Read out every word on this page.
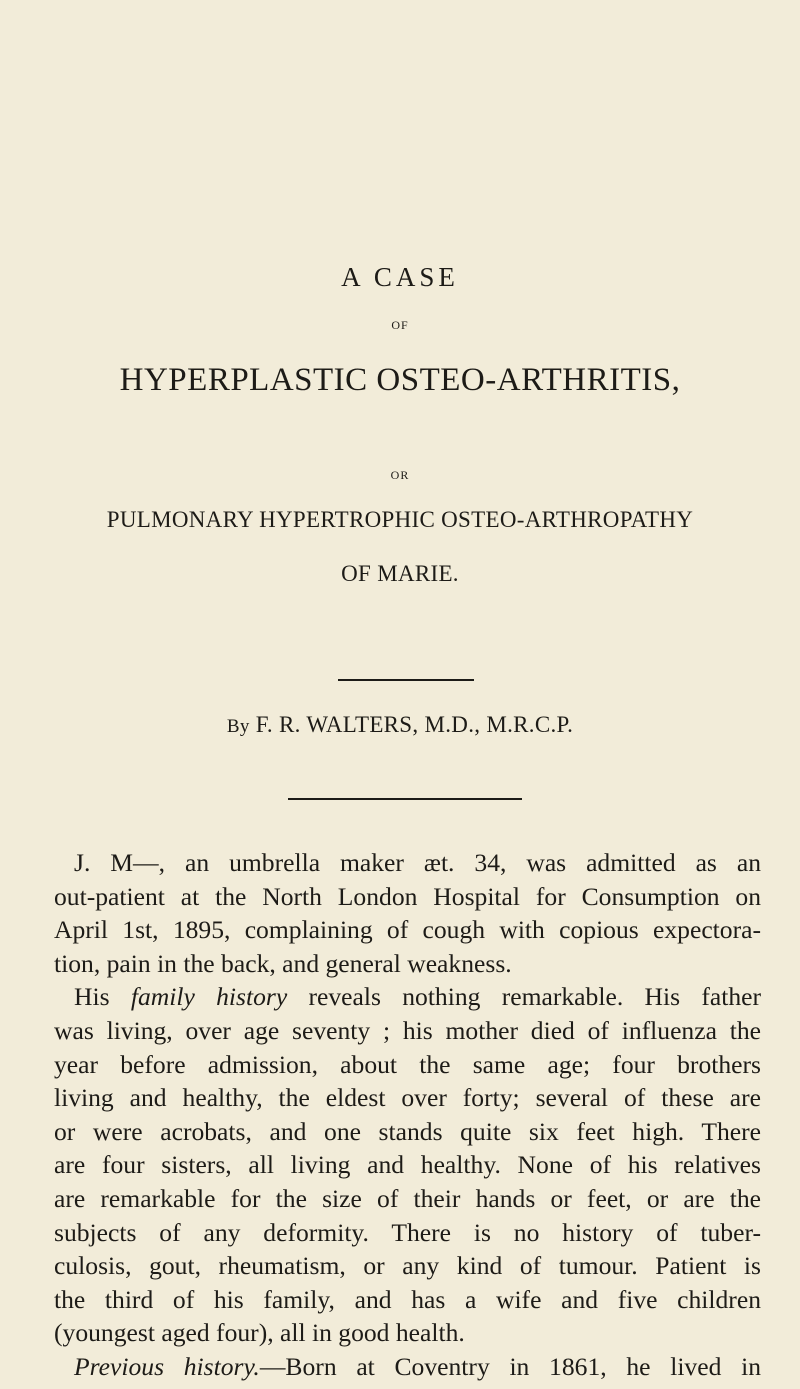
A CASE
OF
HYPERPLASTIC OSTEO-ARTHRITIS,
OR
PULMONARY HYPERTROPHIC OSTEO-ARTHROPATHY
OF MARIE.
By F. R. WALTERS, M.D., M.R.C.P.
J. M—, an umbrella maker æt. 34, was admitted as an
out-patient at the North London Hospital for Consumption on
April 1st, 1895, complaining of cough with copious expectora-
tion, pain in the back, and general weakness.
His family history reveals nothing remarkable. His father
was living, over age seventy ; his mother died of influenza the
year before admission, about the same age; four brothers
living and healthy, the eldest over forty; several of these are
or were acrobats, and one stands quite six feet high. There
are four sisters, all living and healthy. None of his relatives
are remarkable for the size of their hands or feet, or are the
subjects of any deformity. There is no history of tuber-
culosis, gout, rheumatism, or any kind of tumour. Patient is
the third of his family, and has a wife and five children
(youngest aged four), all in good health.
Previous history.—Born at Coventry in 1861, he lived in
